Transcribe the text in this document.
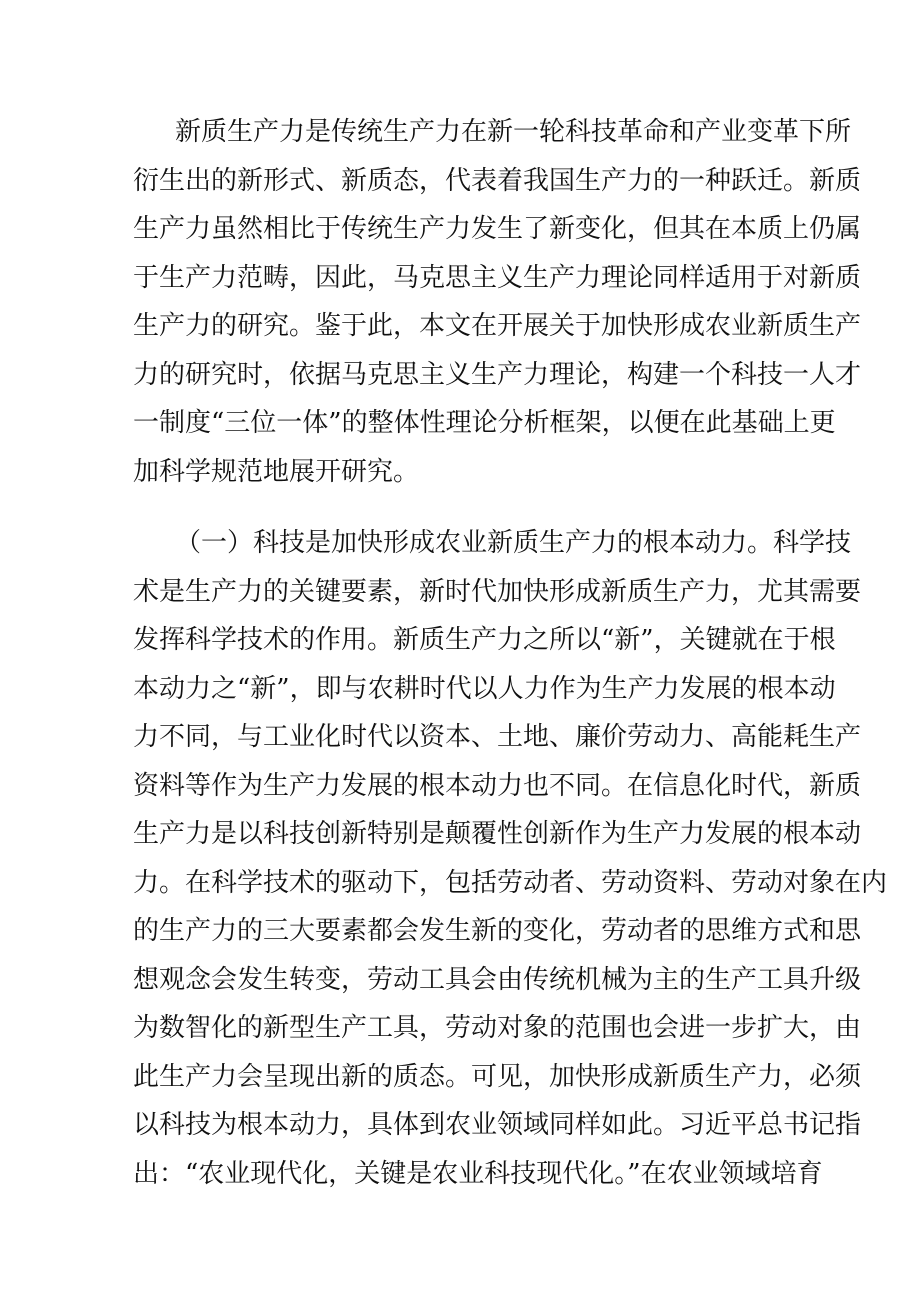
新质生产力是传统生产力在新一轮科技革命和产业变革下所
衍生出的新形式、新质态，代表着我国生产力的一种跃迁。新质
生产力虽然相比于传统生产力发生了新变化，但其在本质上仍属
于生产力范畴，因此，马克思主义生产力理论同样适用于对新质
生产力的研究。鉴于此，本文在开展关于加快形成农业新质生产
力的研究时，依据马克思主义生产力理论，构建一个科技一人才
一制度“三位一体”的整体性理论分析框架，以便在此基础上更
加科学规范地展开研究。
（一）科技是加快形成农业新质生产力的根本动力。科学技
术是生产力的关键要素，新时代加快形成新质生产力，尤其需要
发挥科学技术的作用。新质生产力之所以“新”，关键就在于根
本动力之“新”，即与农耕时代以人力作为生产力发展的根本动
力不同，与工业化时代以资本、土地、廉价劳动力、高能耗生产
资料等作为生产力发展的根本动力也不同。在信息化时代，新质
生产力是以科技创新特别是颠覆性创新作为生产力发展的根本动
力。在科学技术的驱动下，包括劳动者、劳动资料、劳动对象在内
的生产力的三大要素都会发生新的变化，劳动者的思维方式和思
想观念会发生转变，劳动工具会由传统机械为主的生产工具升级
为数智化的新型生产工具，劳动对象的范围也会进一步扩大，由
此生产力会呈现出新的质态。可见，加快形成新质生产力，必须
以科技为根本动力，具体到农业领域同样如此。习近平总书记指
出：“农业现代化，关键是农业科技现代化。”在农业领域培育
